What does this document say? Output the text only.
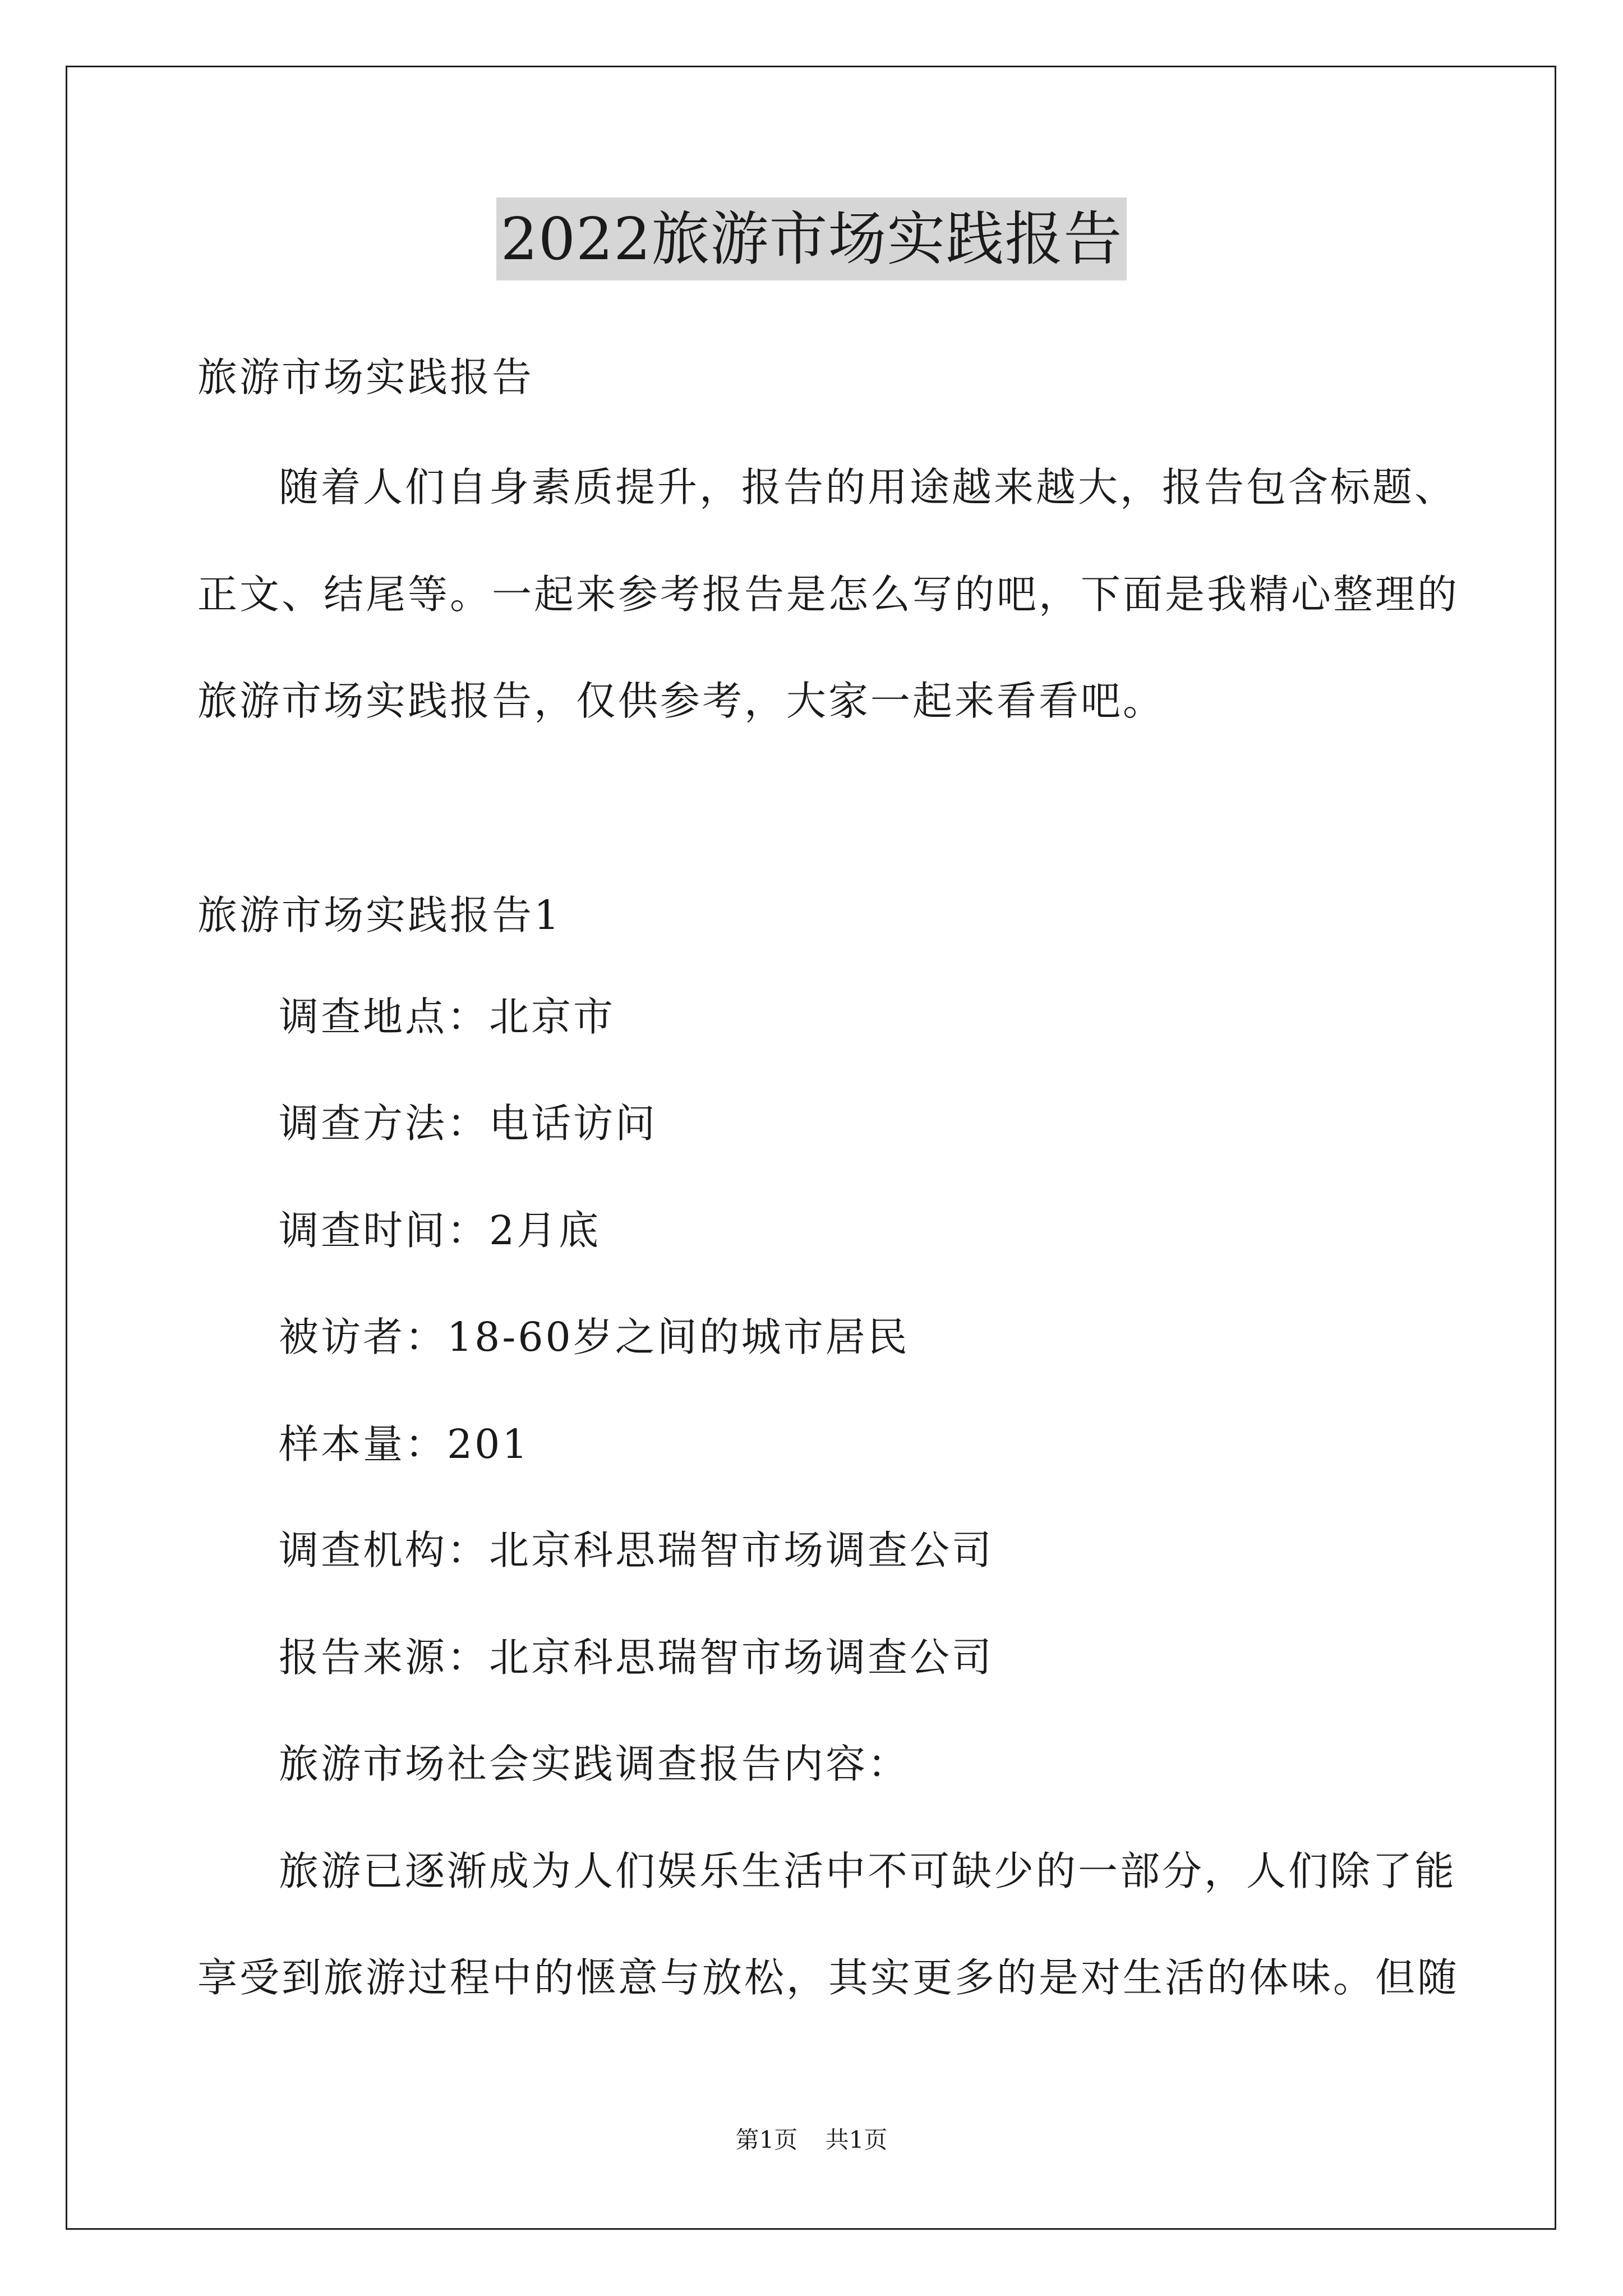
2022旅游市场实践报告
旅游市场实践报告
随着人们自身素质提升，报告的用途越来越大，报告包含标题、
正文、结尾等。一起来参考报告是怎么写的吧，下面是我精心整理的
旅游市场实践报告，仅供参考，大家一起来看看吧。
旅游市场实践报告1
调查地点：北京市
调查方法：电话访问
调查时间：2月底
被访者：18-60岁之间的城市居民
样本量：201
调查机构：北京科思瑞智市场调查公司
报告来源：北京科思瑞智市场调查公司
旅游市场社会实践调查报告内容：
旅游已逐渐成为人们娱乐生活中不可缺少的一部分，人们除了能
享受到旅游过程中的惬意与放松，其实更多的是对生活的体味。但随
第1页 共1页
